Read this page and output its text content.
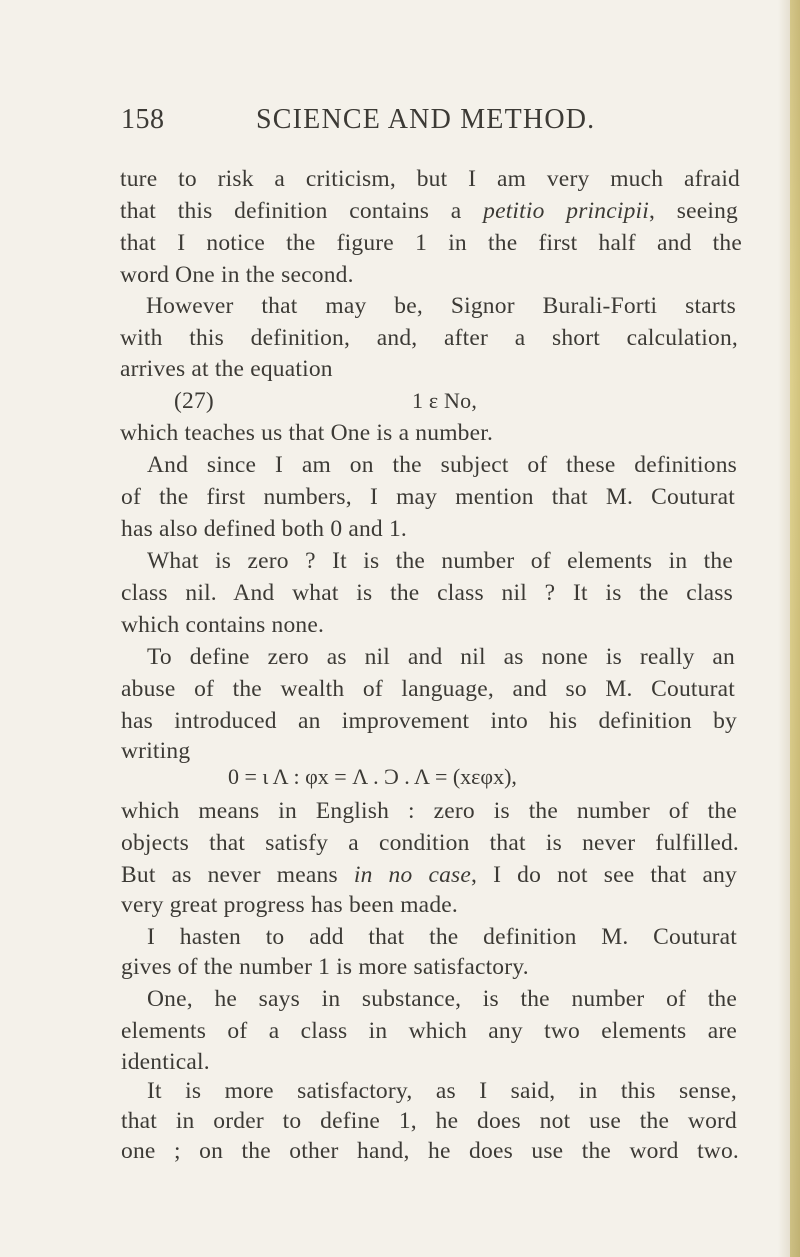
158	SCIENCE AND METHOD.
ture to risk a criticism, but I am very much afraid
that this definition contains a petitio principii, seeing
that I notice the figure 1 in the first half and the
word One in the second.
However that may be, Signor Burali-Forti starts
with this definition, and, after a short calculation,
arrives at the equation
(27)	1 ε No,
which teaches us that One is a number.
And since I am on the subject of these definitions
of the first numbers, I may mention that M. Couturat
has also defined both 0 and 1.
What is zero ? It is the number of elements in the
class nil. And what is the class nil ? It is the class
which contains none.
To define zero as nil and nil as none is really an
abuse of the wealth of language, and so M. Couturat
has introduced an improvement into his definition by
writing
0 = ι Λ : φx = Λ . Ͻ . Λ = (xεφx),
which means in English : zero is the number of the
objects that satisfy a condition that is never fulfilled.
But as never means in no case, I do not see that any
very great progress has been made.
I hasten to add that the definition M. Couturat
gives of the number 1 is more satisfactory.
One, he says in substance, is the number of the
elements of a class in which any two elements are
identical.
It is more satisfactory, as I said, in this sense,
that in order to define 1, he does not use the word
one ; on the other hand, he does use the word two.
